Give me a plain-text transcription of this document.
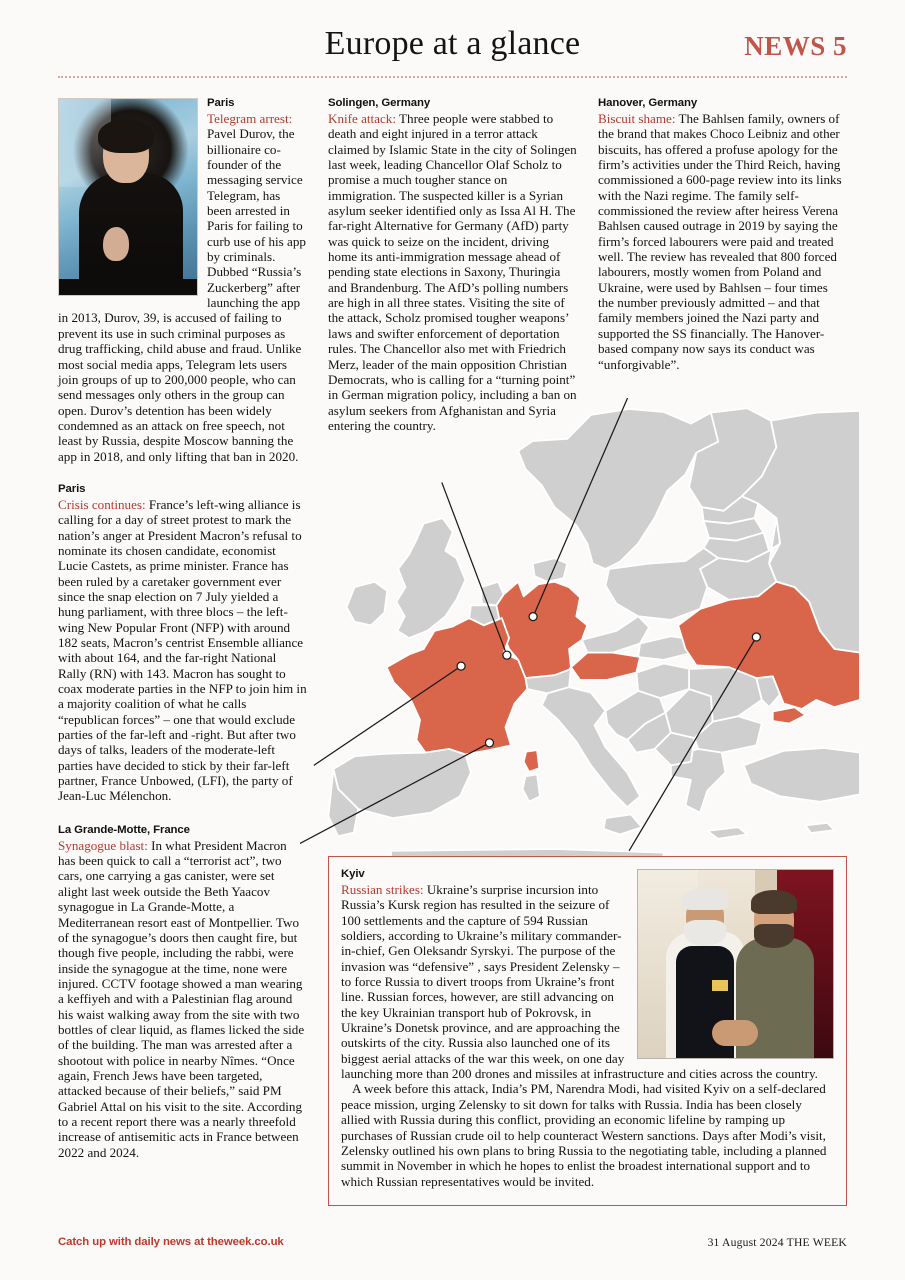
Europe at a glance	NEWS 5
Paris

Telegram arrest: Pavel Durov, the billionaire co-founder of the messaging service Telegram, has been arrested in Paris for failing to curb use of his app by criminals. Dubbed “Russia’s Zuckerberg” after launching the app in 2013, Durov, 39, is accused of failing to prevent its use in such criminal purposes as drug trafficking, child abuse and fraud. Unlike most social media apps, Telegram lets users join groups of up to 200,000 people, who can send messages only others in the group can open. Durov’s detention has been widely condemned as an attack on free speech, not least by Russia, despite Moscow banning the app in 2018, and only lifting that ban in 2020.

Paris

Crisis continues: France’s left-wing alliance is calling for a day of street protest to mark the nation’s anger at President Macron’s refusal to nominate its chosen candidate, economist Lucie Castets, as prime minister. France has been ruled by a caretaker government ever since the snap election on 7 July yielded a hung parliament, with three blocs – the left-wing New Popular Front (NFP) with around 182 seats, Macron’s centrist Ensemble alliance with about 164, and the far-right National Rally (RN) with 143. Macron has sought to coax moderate parties in the NFP to join him in a majority coalition of what he calls “republican forces” – one that would exclude parties of the far-left and -right. But after two days of talks, leaders of the moderate-left parties have decided to stick by their far-left partner, France Unbowed, (LFI), the party of Jean-Luc Mélenchon.

La Grande-Motte, France

Synagogue blast: In what President Macron has been quick to call a “terrorist act”, two cars, one carrying a gas canister, were set alight last week outside the Beth Yaacov synagogue in La Grande-Motte, a Mediterranean resort east of Montpellier. Two of the synagogue’s doors then caught fire, but though five people, including the rabbi, were inside the synagogue at the time, none were injured. CCTV footage showed a man wearing a keffiyeh and with a Palestinian flag around his waist walking away from the site with two bottles of clear liquid, as flames licked the side of the building. The man was arrested after a shootout with police in nearby Nîmes. “Once again, French Jews have been targeted, attacked because of their beliefs,” said PM Gabriel Attal on his visit to the site. According to a recent report there was a nearly threefold increase of antisemitic acts in France between 2022 and 2024.

Solingen, Germany

Knife attack: Three people were stabbed to death and eight injured in a terror attack claimed by Islamic State in the city of Solingen last week, leading Chancellor Olaf Scholz to promise a much tougher stance on immigration. The suspected killer is a Syrian asylum seeker identified only as Issa Al H. The far-right Alternative for Germany (AfD) party was quick to seize on the incident, driving home its anti-immigration message ahead of pending state elections in Saxony, Thuringia and Brandenburg. The AfD’s polling numbers are high in all three states. Visiting the site of the attack, Scholz promised tougher weapons’ laws and swifter enforcement of deportation rules. The Chancellor also met with Friedrich Merz, leader of the main opposition Christian Democrats, who is calling for a “turning point” in German migration policy, including a ban on asylum seekers from Afghanistan and Syria entering the country.

Hanover, Germany

Biscuit shame: The Bahlsen family, owners of the brand that makes Choco Leibniz and other biscuits, has offered a profuse apology for the firm’s activities under the Third Reich, having commissioned a 600-page review into its links with the Nazi regime. The family self-commissioned the review after heiress Verena Bahlsen caused outrage in 2019 by saying the firm’s forced labourers were paid and treated well. The review has revealed that 800 forced labourers, mostly women from Poland and Ukraine, were used by Bahlsen – four times the number previously admitted – and that family members joined the Nazi party and supported the SS financially. The Hanover-based company now says its conduct was “unforgivable”.

Kyiv

Russian strikes: Ukraine’s surprise incursion into Russia’s Kursk region has resulted in the seizure of 100 settlements and the capture of 594 Russian soldiers, according to Ukraine’s military commander-in-chief, Gen Oleksandr Syrskyi. The purpose of the invasion was “defensive” , says President Zelensky – to force Russia to divert troops from Ukraine’s front line. Russian forces, however, are still advancing on the key Ukrainian transport hub of Pokrovsk, in Ukraine’s Donetsk province, and are approaching the outskirts of the city. Russia also launched one of its biggest aerial attacks of the war this week, on one day launching more than 200 drones and missiles at infrastructure and cities across the country.

A week before this attack, India’s PM, Narendra Modi, had visited Kyiv on a self-declared peace mission, urging Zelensky to sit down for talks with Russia. India has been closely allied with Russia during this conflict, providing an economic lifeline by ramping up purchases of Russian crude oil to help counteract Western sanctions. Days after Modi’s visit, Zelensky outlined his own plans to bring Russia to the negotiating table, including a planned summit in November in which he hopes to enlist the broadest international support and to which Russian representatives would be invited.

Catch up with daily news at theweek.co.uk	31 August 2024 THE WEEK
